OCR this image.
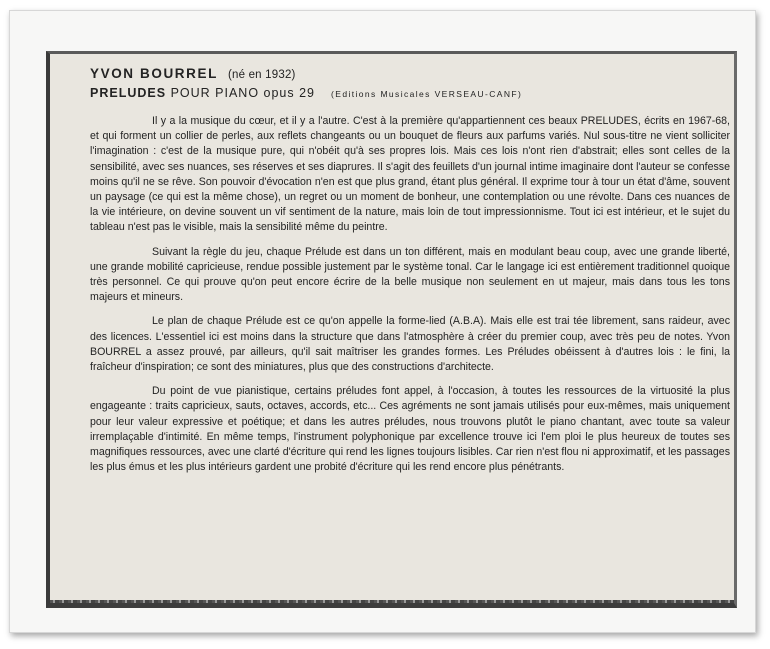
YVON BOURREL (né en 1932)
PRELUDES POUR PIANO opus 29 (Editions Musicales VERSEAU-CANF)

Il y a la musique du cœur, et il y a l'autre. C'est à la première qu'appartiennent ces beaux PRELUDES, écrits en 1967-68, et qui forment un collier de perles, aux reflets changeants ou un bouquet de fleurs aux parfums variés. Nul sous-titre ne vient solliciter l'imagination : c'est de la musique pure, qui n'obéit qu'à ses propres lois. Mais ces lois n'ont rien d'abstrait; elles sont celles de la sensibilité, avec ses nuances, ses réserves et ses diaprures. Il s'agit des feuillets d'un journal intime imaginaire dont l'auteur se confesse moins qu'il ne se rêve. Son pouvoir d'évocation n'en est que plus grand, étant plus général. Il exprime tour à tour un état d'âme, souvent un paysage (ce qui est la même chose), un regret ou un moment de bonheur, une contemplation ou une révolte. Dans ces nuances de la vie intérieure, on devine souvent un vif sentiment de la nature, mais loin de tout impressionnisme. Tout ici est intérieur, et le sujet du tableau n'est pas le visible, mais la sensibilité même du peintre.

Suivant la règle du jeu, chaque Prélude est dans un ton différent, mais en modulant beau coup, avec une grande liberté, une grande mobilité capricieuse, rendue possible justement par le système tonal. Car le langage ici est entièrement traditionnel quoique très personnel. Ce qui prouve qu'on peut encore écrire de la belle musique non seulement en ut majeur, mais dans tous les tons majeurs et mineurs.

Le plan de chaque Prélude est ce qu'on appelle la forme-lied (A.B.A). Mais elle est trai tée librement, sans raideur, avec des licences. L'essentiel ici est moins dans la structure que dans l'atmosphère à créer du premier coup, avec très peu de notes. Yvon BOURREL a assez prouvé, par ailleurs, qu'il sait maîtriser les grandes formes. Les Préludes obéissent à d'autres lois : le fini, la fraîcheur d'inspiration; ce sont des miniatures, plus que des constructions d'architecte.

Du point de vue pianistique, certains préludes font appel, à l'occasion, à toutes les ressources de la virtuosité la plus engageante : traits capricieux, sauts, octaves, accords, etc... Ces agréments ne sont jamais utilisés pour eux-mêmes, mais uniquement pour leur valeur expressive et poétique; et dans les autres préludes, nous trouvons plutôt le piano chantant, avec toute sa valeur irremplaçable d'intimité. En même temps, l'instrument polyphonique par excellence trouve ici l'em ploi le plus heureux de toutes ses magnifiques ressources, avec une clarté d'écriture qui rend les lignes toujours lisibles. Car rien n'est flou ni approximatif, et les passages les plus émus et les plus intérieurs gardent une probité d'écriture qui les rend encore plus pénétrants.
